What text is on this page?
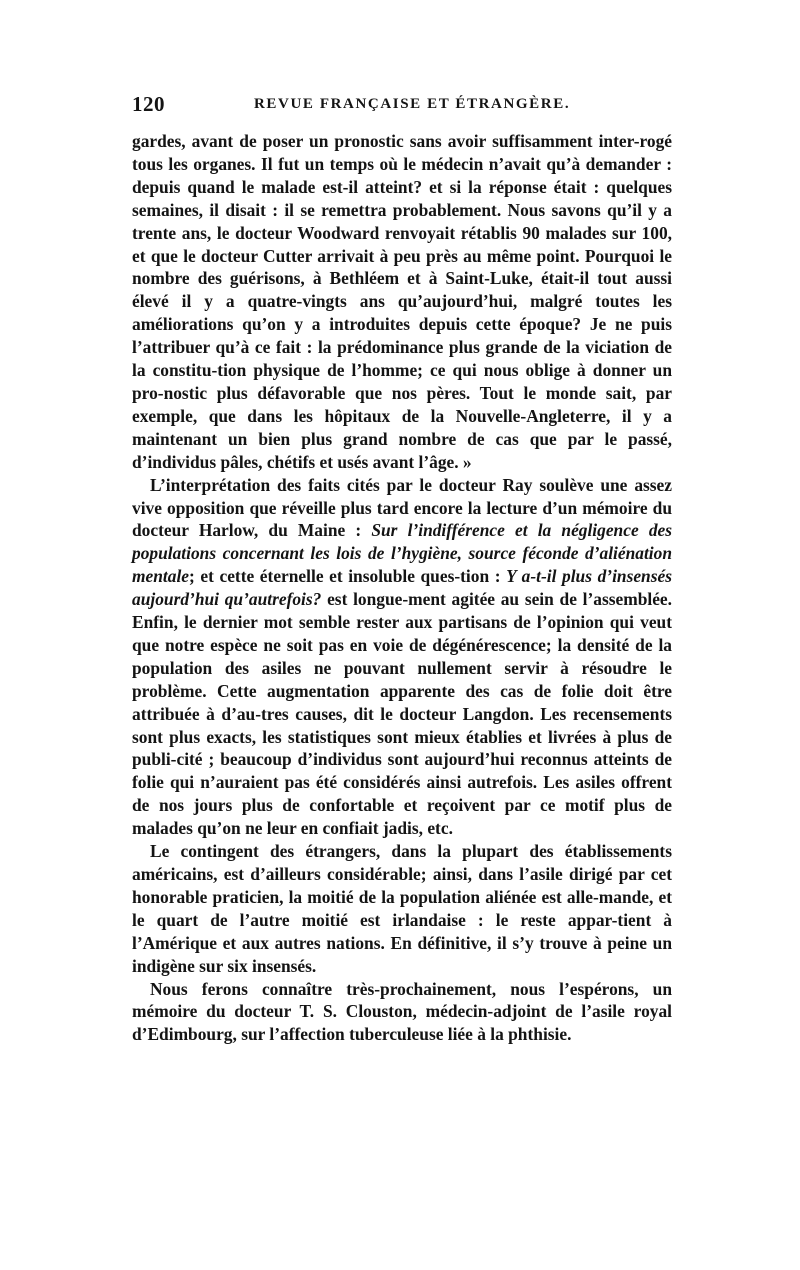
120	REVUE FRANÇAISE ET ÉTRANGÈRE.

gardes, avant de poser un pronostic sans avoir suffisamment inter-rogé tous les organes. Il fut un temps où le médecin n’avait qu’à demander : depuis quand le malade est-il atteint? et si la réponse était : quelques semaines, il disait : il se remettra probablement. Nous savons qu’il y a trente ans, le docteur Woodward renvoyait rétablis 90 malades sur 100, et que le docteur Cutter arrivait à peu près au même point. Pourquoi le nombre des guérisons, à Bethléem et à Saint-Luke, était-il tout aussi élevé il y a quatre-vingts ans qu’aujourd’hui, malgré toutes les améliorations qu’on y a introduites depuis cette époque? Je ne puis l’attribuer qu’à ce fait : la prédominance plus grande de la viciation de la constitu-tion physique de l’homme; ce qui nous oblige à donner un pro-nostic plus défavorable que nos pères. Tout le monde sait, par exemple, que dans les hôpitaux de la Nouvelle-Angleterre, il y a maintenant un bien plus grand nombre de cas que par le passé, d’individus pâles, chétifs et usés avant l’âge. »

L’interprétation des faits cités par le docteur Ray soulève une assez vive opposition que réveille plus tard encore la lecture d’un mémoire du docteur Harlow, du Maine : Sur l’indifférence et la négligence des populations concernant les lois de l’hygiène, source féconde d’aliénation mentale; et cette éternelle et insoluble ques-tion : Y a-t-il plus d’insensés aujourd’hui qu’autrefois? est longue-ment agitée au sein de l’assemblée. Enfin, le dernier mot semble rester aux partisans de l’opinion qui veut que notre espèce ne soit pas en voie de dégénérescence; la densité de la population des asiles ne pouvant nullement servir à résoudre le problème. Cette augmentation apparente des cas de folie doit être attribuée à d’au-tres causes, dit le docteur Langdon. Les recensements sont plus exacts, les statistiques sont mieux établies et livrées à plus de publi-cité ; beaucoup d’individus sont aujourd’hui reconnus atteints de folie qui n’auraient pas été considérés ainsi autrefois. Les asiles offrent de nos jours plus de confortable et reçoivent par ce motif plus de malades qu’on ne leur en confiait jadis, etc.

Le contingent des étrangers, dans la plupart des établissements américains, est d’ailleurs considérable; ainsi, dans l’asile dirigé par cet honorable praticien, la moitié de la population aliénée est alle-mande, et le quart de l’autre moitié est irlandaise : le reste appar-tient à l’Amérique et aux autres nations. En définitive, il s’y trouve à peine un indigène sur six insensés.

Nous ferons connaître très-prochainement, nous l’espérons, un mémoire du docteur T. S. Clouston, médecin-adjoint de l’asile royal d’Edimbourg, sur l’affection tuberculeuse liée à la phthisie.
